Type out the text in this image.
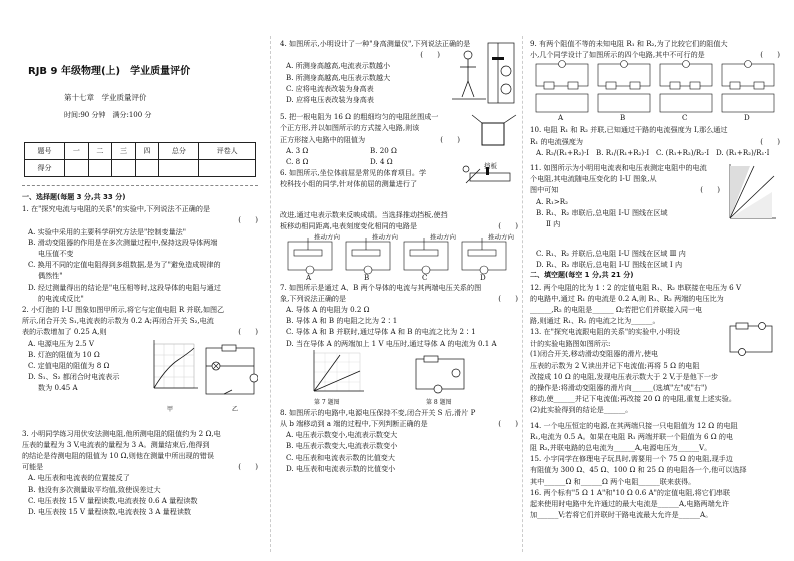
RJB 9 年级物理(上)　学业质量评价
第十七章　学业质量评价
时间:90 分钟　满分:100 分
题号	一	二	三	四	总分	评卷人
得分						

一、选择题(每题 3 分,共 33 分)

1. 在"探究电流与电阻的关系"的实验中,下列说法不正确的是

(　　)

A. 实验中采用的主要科学研究方法是"控制变量法"

B. 滑动变阻器的作用是在多次测量过程中,保持这段导体两端

电压值不变

C. 换用不同的定值电阻得到多组数据,是为了"避免造成规律的

偶然性"

D. 经过测量得出的结论是"电压相等时,这段导体的电阻与通过

的电流成反比"

2. 小灯泡的 I-U 图象如图甲所示,将它与定值电阻 R 并联,如图乙

所示,闭合开关 S₁,电流表的示数为 0.2 A;再闭合开关 S₂,电流

表的示数增加了 0.25 A,则	(　　)

A. 电源电压为 2.5 V

B. 灯泡的阻值为 10 Ω

C. 定值电阻的阻值为 8 Ω

D. S₁、S₂ 都闭合时电流表示

数为 0.45 A

甲	乙

3. 小明同学练习用伏安法测电阻,他所测电阻的阻值约为 2 Ω,电

压表的量程为 3 V,电流表的量程为 3 A。测量结束后,他得到

的结论是待测电阻的阻值为 10 Ω,则他在测量中所出现的错误

可能是	(　　)

A. 电压表和电流表的位置接反了

B. 他没有多次测量取平均值,致使误差过大

C. 电压表按 15 V 量程读数,电流表按 0.6 A 量程读数

D. 电压表按 15 V 量程读数,电流表按 3 A 量程读数

4. 如图所示,小明设计了一种"身高测量仪",下列说法正确的是

(　　)

A. 所测身高越高,电流表示数越小

B. 所测身高越高,电压表示数越大

C. 应将电流表改装为身高表

D. 应将电压表改装为身高表

5. 把一根电阻为 16 Ω 的粗细均匀的电阻丝围成一

个正方形,并以如图所示的方式接入电路,则该

正方形接入电路中的阻值为	(　　)

A. 3 Ω	B. 20 Ω

C. 8 Ω	D. 4 Ω

6. 如图所示,坐位体前屈是常见的体育项目。学

校科技小组的同学,针对体前屈的测量进行了

挡板

改进,通过电表示数来反映成绩。当选择推动挡板,使挡

板移动相同距离,电表刻度变化相同的电路是	(　　)

推动方向	推动方向	推动方向	推动方向
A	B	C	D

7. 如图所示是通过 A、B 两个导体的电流与其两端电压关系的图

象,下列说法正确的是	(　　)

A. 导体 A 的电阻为 0.2 Ω

B. 导体 A 和 B 的电阻之比为 2∶1

C. 导体 A 和 B 并联时,通过导体 A 和 B 的电流之比为 2∶1

D. 当在导体 A 的两端加上 1 V 电压时,通过导体 A 的电流为 0.1 A

第 7 题图	第 8 题图

8. 如图所示的电路中,电源电压保持不变,闭合开关 S 后,滑片 P

从 b 端移动到 a 端的过程中,下列判断正确的是	(　　)

A. 电压表示数变小,电流表示数变大

B. 电压表示数变大,电流表示数变小

C. 电压表和电流表示数的比值变大

D. 电压表和电流表示数的比值变小

9. 有两个阻值不等的未知电阻 R₁ 和 R₂,为了比较它们的阻值大

小,几个同学设计了如图所示的四个电路,其中不可行的是	(　　)

A	B	C	D

10. 电阻 R₁ 和 R₂ 并联,已知通过干路的电流强度为 I,那么通过

R₁ 的电流强度为	(　　)

A. R₂/(R₁+R₂)·I B. R₁/(R₁+R₂)·I C. (R₁+R₂)/R₂·I D. (R₁+R₂)/R₁·I

11. 如图所示为小明用电流表和电压表测定电阻中的电流

个电阻,其电流随电压变化的 I-U 图象,从

图中可知	(　　)

A. R₁>R₂

B. R₁、R₂ 串联后,总电阻 I-U 图线在区域

Ⅱ 内

C. R₁、R₂ 并联后,总电阻 I-U 图线在区域 Ⅲ 内

D. R₁、R₂ 串联后,总电阻 I-U 图线在区域 Ⅰ 内

二、填空题(每空 1 分,共 21 分)

12. 两个电阻的比为 1∶2 的定值电阻 R₁、R₂ 串联接在电压为 6 V

的电路中,通过 R₁ 的电流是 0.2 A,则 R₁、R₂ 两端的电压比为

______,R₂ 的电阻是______ Ω;若把它们并联接入同一电

路,则通过 R₁、R₂ 的电流之比为______。

13. 在"探究电流跟电阻的关系"的实验中,小明设

计的实验电路图如图所示:

(1)闭合开关,移动滑动变阻器的滑片,使电

压表的示数为 2 V,读出并记下电流值;再将 5 Ω 的电阻

改接成 10 Ω 的电阻,发现电压表示数大于 2 V,于是他下一步

的操作是:将滑动变阻器的滑片向______(选填"左"或"右")

移动,使______并记下电流值;再改接 20 Ω 的电阻,重复上述实验。

(2)此实验得到的结论是______。

14. 一个电压恒定的电源,在其两端只接一只电阻值为 12 Ω 的电阻

R₁,电流为 0.5 A。如果在电阻 R₁ 两端并联一个阻值为 6 Ω 的电

阻 R₂,并联电路的总电流为______A,电源电压为______V。

15. 小宇同学在修理电子玩具时,需要用一个 75 Ω 的电阻,现手边

有阻值为 300 Ω、45 Ω、100 Ω 和 25 Ω 的电阻各一个,他可以选择

其中______Ω 和______Ω 两个电阻______联来获得。

16. 两个标有"5 Ω 1 A"和"10 Ω 0.6 A"的定值电阻,将它们串联

起来使用时电路中允许通过的最大电流是______A,电路两端允许

加______V;若将它们并联时干路电流最大允许是______A。
